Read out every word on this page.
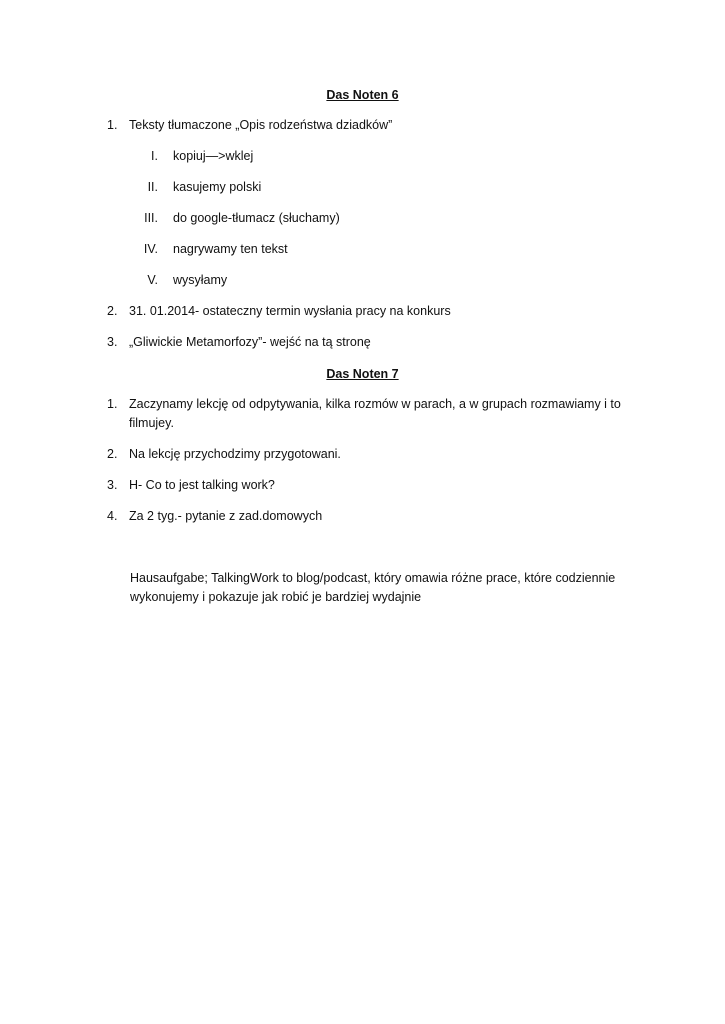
Das Noten 6
1. Teksty tłumaczone „Opis rodzeństwa dziadków”
I. kopiuj—>wklej
II. kasujemy polski
III. do google-tłumacz (słuchamy)
IV. nagrywamy ten tekst
V. wysyłamy
2. 31. 01.2014- ostateczny termin wysłania pracy na konkurs
3. „Gliwickie Metamorfozy”- wejść na tą stronę
Das Noten 7
1. Zaczynamy lekcję od odpytywania, kilka rozmów w parach, a w grupach rozmawiamy i to
filmujey.
2. Na lekcję przychodzimy przygotowani.
3. H- Co to jest talking work?
4. Za 2 tyg.- pytanie z zad.domowych
Hausaufgabe; TalkingWork to blog/podcast, który omawia różne prace, które codziennie
wykonujemy i pokazuje jak robić je bardziej wydajnie
